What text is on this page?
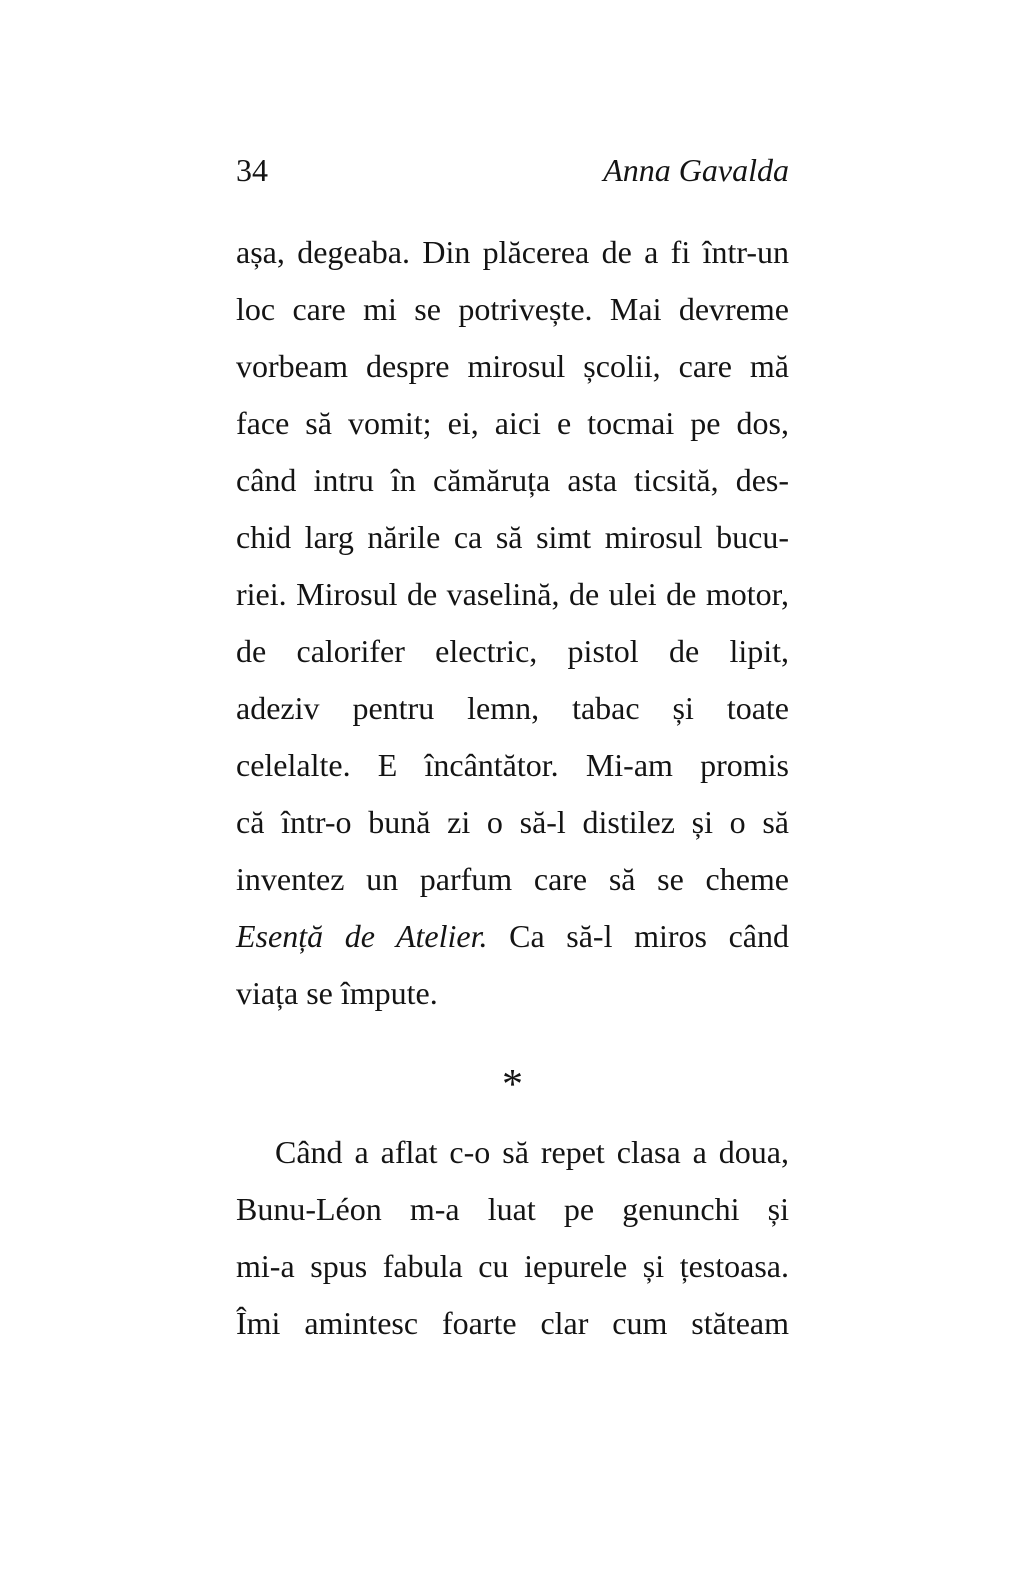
34	Anna Gavalda
așa, degeaba. Din plăcerea de a fi într-un
loc care mi se potrivește. Mai devreme
vorbeam despre mirosul școlii, care mă
face să vomit; ei, aici e tocmai pe dos,
când intru în cămăruța asta ticsită, des-
chid larg nările ca să simt mirosul bucu-
riei. Mirosul de vaselină, de ulei de motor,
de calorifer electric, pistol de lipit,
adeziv pentru lemn, tabac și toate
celelalte. E încântător. Mi-am promis
că într-o bună zi o să-l distilez și o să
inventez un parfum care să se cheme
Esență de Atelier. Ca să-l miros când
viața se împute.
*
Când a aflat c-o să repet clasa a doua,
Bunu-Léon m-a luat pe genunchi și
mi-a spus fabula cu iepurele și țestoasa.
Îmi amintesc foarte clar cum stăteam
